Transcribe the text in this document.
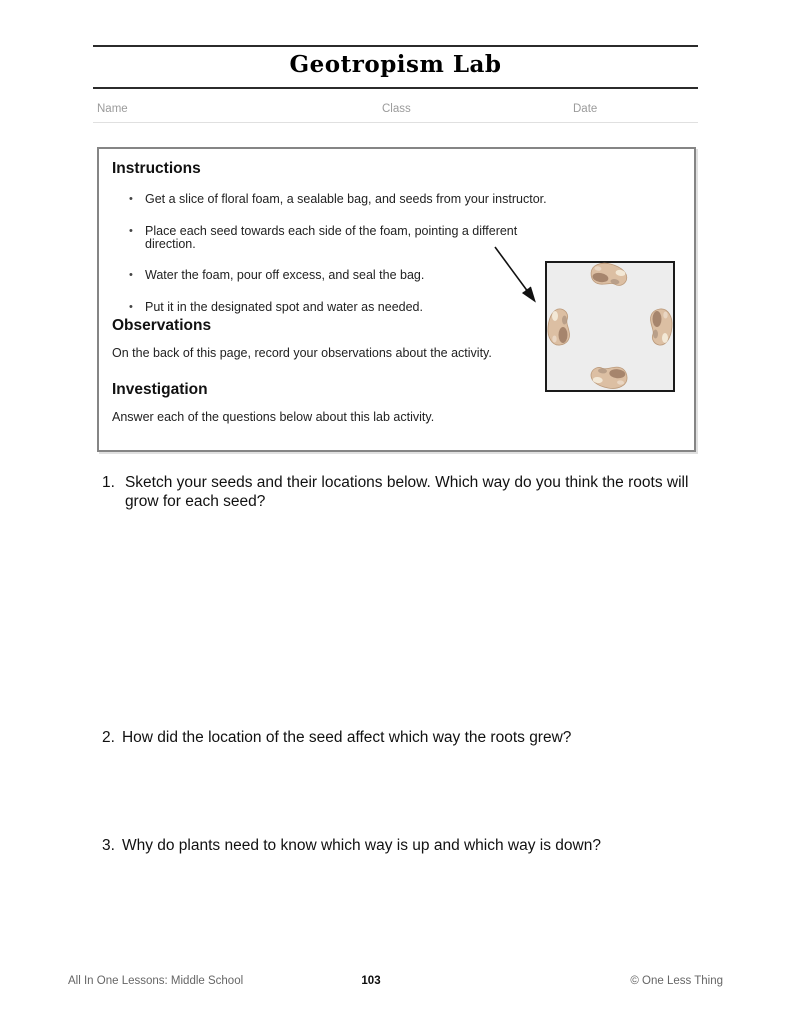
Geotropism Lab
Name	Class	Date
Instructions
• Get a slice of floral foam, a sealable bag, and seeds from your instructor.
• Place each seed towards each side of the foam, pointing a different direction.
• Water the foam, pour off excess, and seal the bag.
• Put it in the designated spot and water as needed.
Observations
On the back of this page, record your observations about the activity.
Investigation
Answer each of the questions below about this lab activity.
1. Sketch your seeds and their locations below. Which way do you think the roots will grow for each seed?
2. How did the location of the seed affect which way the roots grew?
3. Why do plants need to know which way is up and which way is down?
All In One Lessons: Middle School	103	© One Less Thing
